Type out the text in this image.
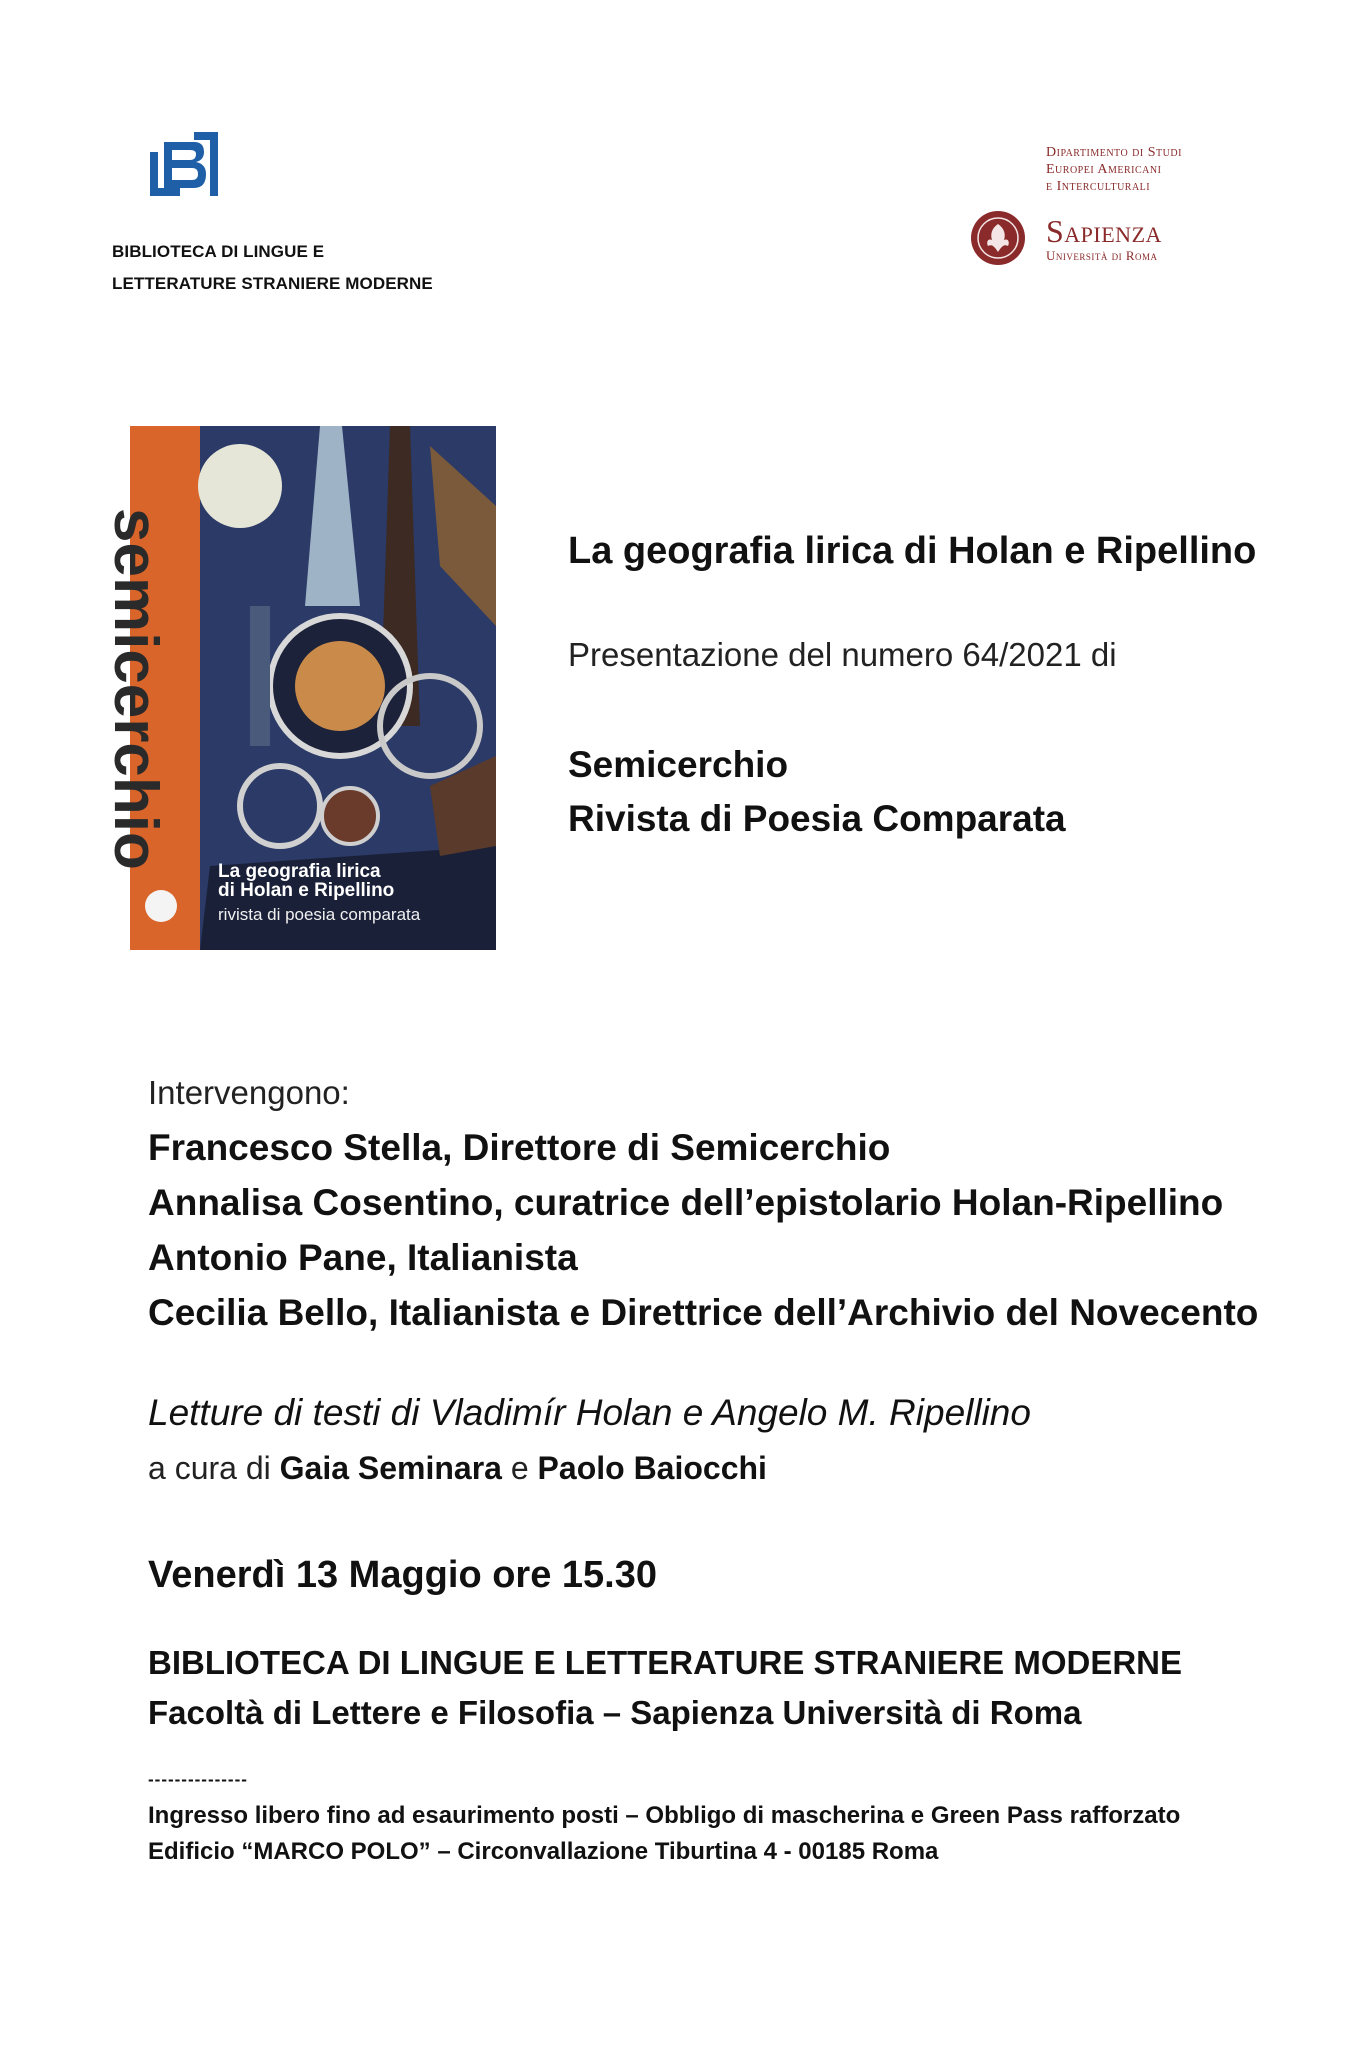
BIBLIOTECA DI LINGUE E
LETTERATURE STRANIERE MODERNE
Dipartimento di Studi
Europei Americani
e Interculturali
Sapienza
Università di Roma
semicerchio
La geografia lirica
di Holan e Ripellino
rivista di poesia comparata
La geografia lirica di Holan e Ripellino
Presentazione del numero 64/2021 di
Semicerchio
Rivista di Poesia Comparata
Intervengono:
Francesco Stella, Direttore di Semicerchio
Annalisa Cosentino, curatrice dell’epistolario Holan-Ripellino
Antonio Pane, Italianista
Cecilia Bello, Italianista e Direttrice dell’Archivio del Novecento
Letture di testi di Vladimír Holan e Angelo M. Ripellino
a cura di Gaia Seminara e Paolo Baiocchi
Venerdì 13 Maggio ore 15.30
BIBLIOTECA DI LINGUE E LETTERATURE STRANIERE MODERNE
Facoltà di Lettere e Filosofia – Sapienza Università di Roma
---------------
Ingresso libero fino ad esaurimento posti – Obbligo di mascherina e Green Pass rafforzato
Edificio “MARCO POLO” – Circonvallazione Tiburtina 4 - 00185 Roma
